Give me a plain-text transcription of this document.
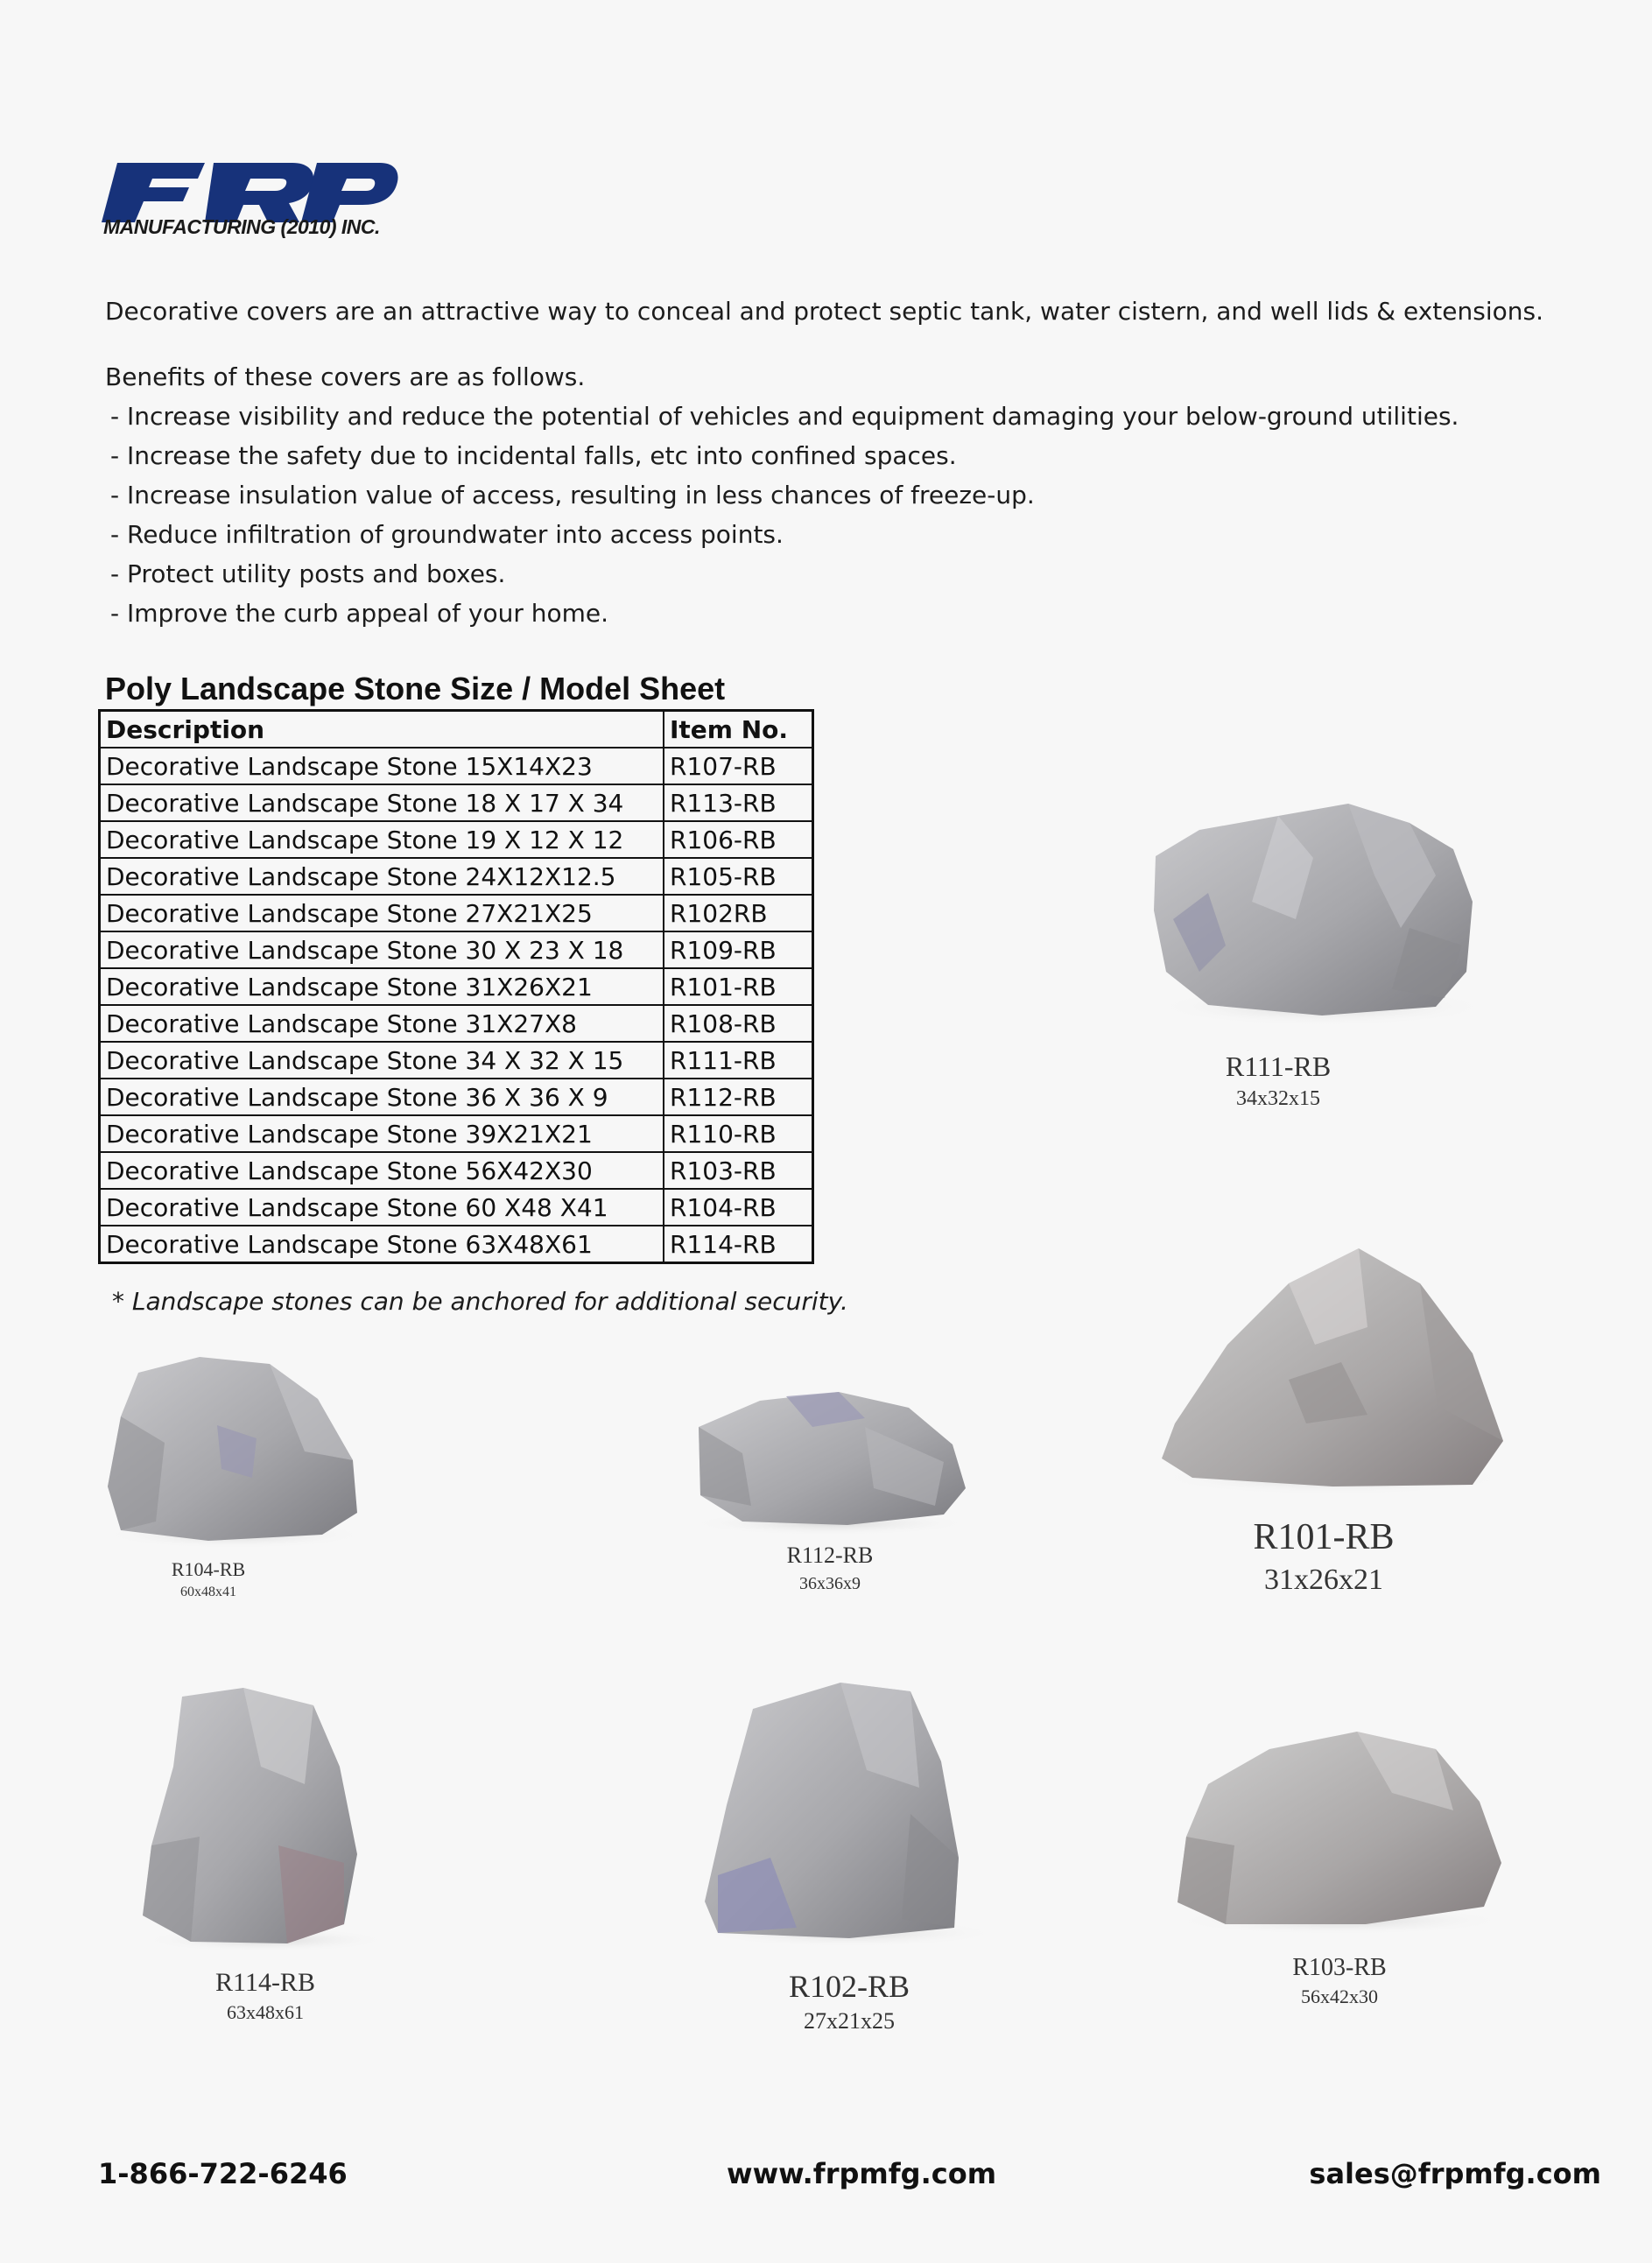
MANUFACTURING (2010) INC.
Decorative covers are an attractive way to conceal and protect septic tank, water cistern, and well lids & extensions.
Benefits of these covers are as follows.
- Increase visibility and reduce the potential of vehicles and equipment damaging your below-ground utilities.
- Increase the safety due to incidental falls, etc into confined spaces.
- Increase insulation value of access, resulting in less chances of freeze-up.
- Reduce infiltration of groundwater into access points.
- Protect utility posts and boxes.
- Improve the curb appeal of your home.
Poly Landscape Stone Size / Model Sheet
Description	Item No.
Decorative Landscape Stone 15X14X23	R107-RB
Decorative Landscape Stone 18 X 17 X 34	R113-RB
Decorative Landscape Stone 19 X 12 X 12	R106-RB
Decorative Landscape Stone 24X12X12.5	R105-RB
Decorative Landscape Stone 27X21X25	R102RB
Decorative Landscape Stone 30 X 23 X 18	R109-RB
Decorative Landscape Stone 31X26X21	R101-RB
Decorative Landscape Stone 31X27X8	R108-RB
Decorative Landscape Stone 34 X 32 X 15	R111-RB
Decorative Landscape Stone 36 X 36 X 9	R112-RB
Decorative Landscape Stone 39X21X21	R110-RB
Decorative Landscape Stone 56X42X30	R103-RB
Decorative Landscape Stone 60 X48 X41	R104-RB
Decorative Landscape Stone 63X48X61	R114-RB
* Landscape stones can be anchored for additional security.
R111-RB
34x32x15
R104-RB
60x48x41
R112-RB
36x36x9
R101-RB
31x26x21
R114-RB
63x48x61
R102-RB
27x21x25
R103-RB
56x42x30
1-866-722-6246	www.frpmfg.com	sales@frpmfg.com
